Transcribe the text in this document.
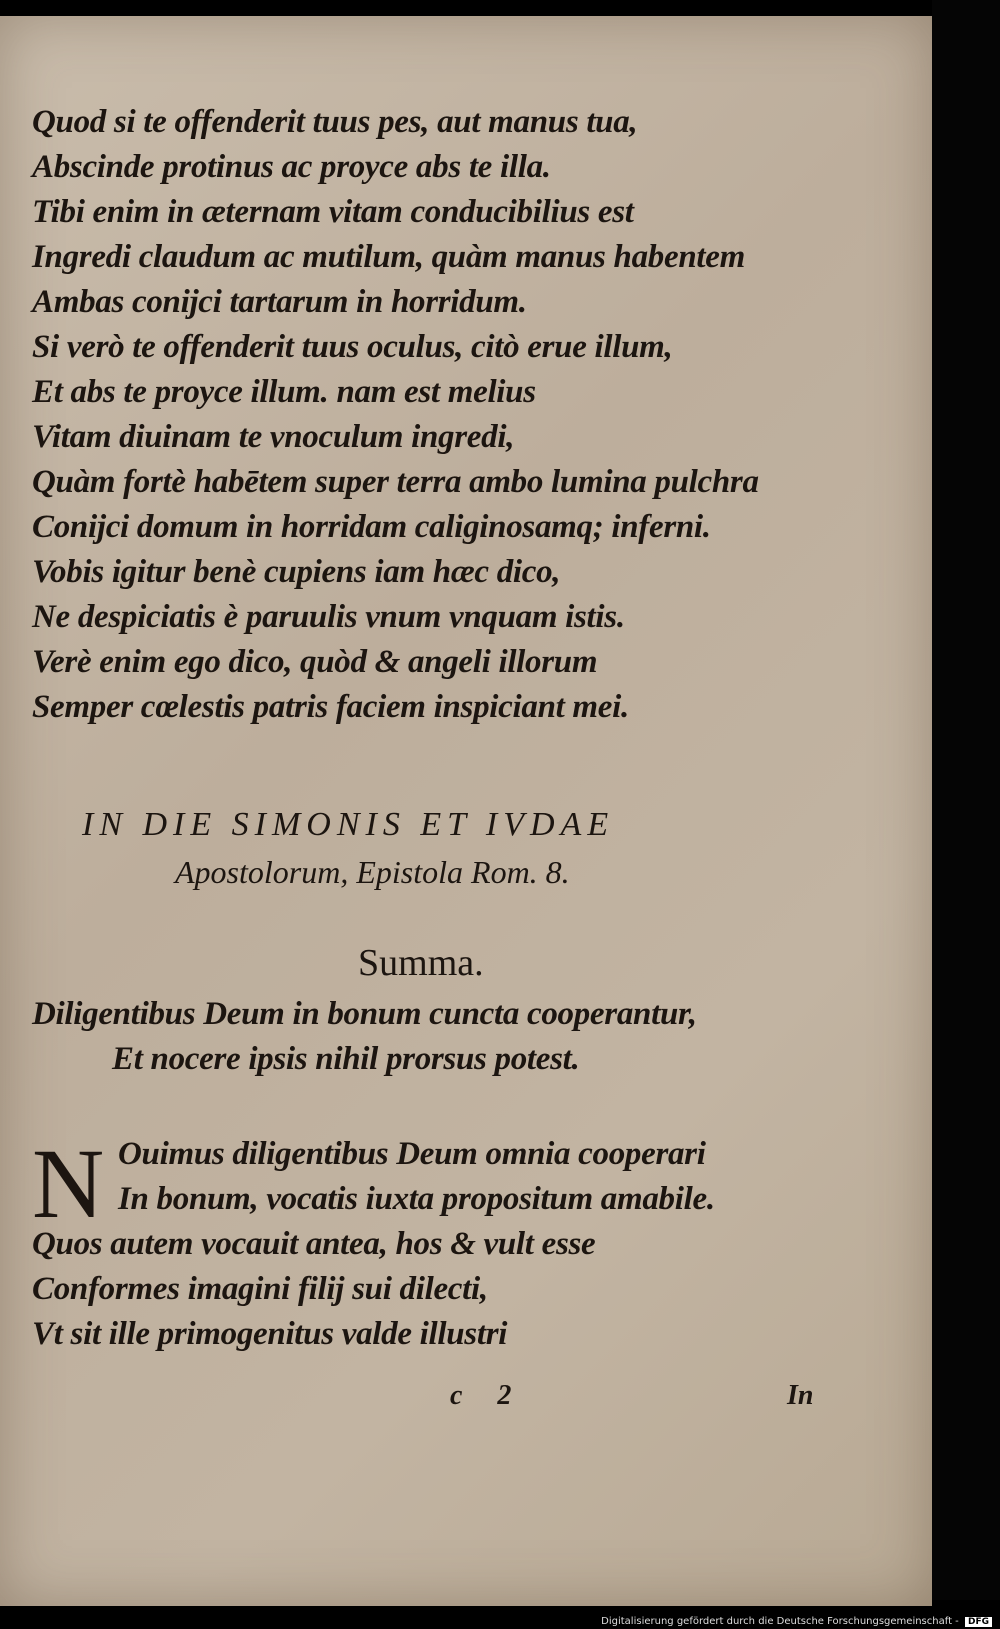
Quod si te offenderit tuus pes, aut manus tua,
Abscinde protinus ac proyce abs te illa.
Tibi enim in æternam vitam conducibilius est
Ingredi claudum ac mutilum, quàm manus habentem
Ambas conijci tartarum in horridum.
Si verò te offenderit tuus oculus, citò erue illum,
Et abs te proyce illum. nam est melius
Vitam diuinam te vnoculum ingredi,
Quàm fortè habētem super terra ambo lumina pulchra
Conijci domum in horridam caliginosamq; inferni.
Vobis igitur benè cupiens iam hæc dico,
Ne despiciatis è paruulis vnum vnquam istis.
Verè enim ego dico, quòd & angeli illorum
Semper cœlestis patris faciem inspiciant mei.
IN DIE SIMONIS ET IVDAE
Apostolorum, Epistola Rom. 8.
Summa.
Diligentibus Deum in bonum cuncta cooperantur,
Et nocere ipsis nihil prorsus potest.
N Ouimus diligentibus Deum omnia cooperari
In bonum, vocatis iuxta propositum amabile.
Quos autem vocauit antea, hos & vult esse
Conformes imagini filij sui dilecti,
Vt sit ille primogenitus valde illustri
c 2	In
Digitalisierung gefördert durch die Deutsche Forschungsgemeinschaft - DFG
